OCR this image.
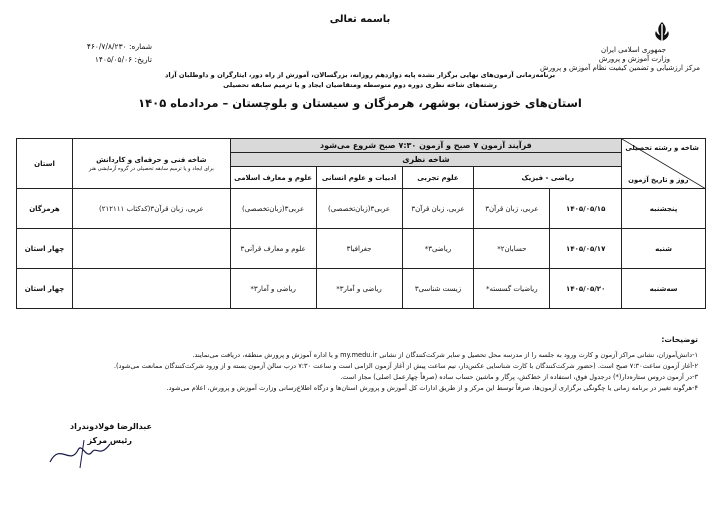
باسمه تعالی
جمهوری اسلامی ایران
وزارت آموزش و پرورش
مرکز ارزشیابی و تضمین کیفیت نظام آموزش و پرورش
شماره: ۴۶۰/۷/۸/۲۳۰
تاریخ: ۱۴۰۵/۰۵/۰۶
برنامه‌زمانی آزمون‌های نهایی برگزار نشده پایه دوازدهم روزانه، بزرگسالان، آموزش از راه دور، ایثارگران و داوطلبان آزاد
رشته‌های شاخه نظری دوره دوم متوسطه ومتقاضیان ایجاد و یا ترمیم سابقه تحصیلی
استان‌های خوزستان، بوشهر، هرمزگان و سیستان و بلوچستان – مردادماه ۱۴۰۵
شاخه و رشته تحصیلی
روز و تاریخ آزمون	فرآیند آزمون ۷ صبح و آزمون ۷:۳۰ صبح شروع می‌شود					شاخه فنی و حرفه‌ای و کاردانش
برای ایجاد و یا ترمیم سابقه تحصیلی در گروه آزمایشی هنر	استان
	شاخه نظری						
	ریاضی - فیزیک		علوم تجربی	ادبیات و علوم انسانی	علوم و معارف اسلامی		
پنجشنبه	۱۴۰۵/۰۵/۱۵	عربی، زبان قرآن۳	عربی، زبان قرآن۳	عربی۳(زبان‌تخصصی)	عربی۳(زبان‌تخصصی)	عربی، زبان قرآن۳(کدکتاب ۲۱۲۱۱۱)	هرمزگان
شنبه	۱۴۰۵/۰۵/۱۷	حسابان۲*	ریاضی۳*	جغرافیا۳	علوم و معارف قرآنی۳		چهار استان
سه‌شنبه	۱۴۰۵/۰۵/۲۰	ریاضیات گسسته*	زیست شناسی۳	ریاضی و آمار۳*	ریاضی و آمار۳*		چهار استان
توضیحات:
۱-دانش‌آموزان، نشانی مراکز آزمون و کارت ورود به جلسه را از مدرسه محل تحصیل و سایر شرکت‌کنندگان از نشانی my.medu.ir و یا اداره آموزش و پرورش منطقه، دریافت می‌نمایند.
۲-آغاز آزمون ساعت۷:۳۰ صبح است. (حضور شرکت‌کنندگان با کارت شناسایی عکس‌دار، نیم ساعت پیش از آغاز آزمون الزامی است و ساعت ۷:۳۰ درب سالن آزمون بسته و از ورود شرکت‌کنندگان ممانعت می‌شود).
۳-در آزمون دروس ستاره‌دار(*) درجدول فوق، استفاده از خط‌کش، پرگار و ماشین حساب ساده (صرفاً چهارعمل اصلی) مجاز است.
۴-هرگونه تغییر در برنامه زمانی یا چگونگی برگزاری آزمون‌ها، صرفاً توسط این مرکز و از طریق ادارات کل آموزش و پرورش استان‌ها و درگاه اطلاع‌رسانی وزارت آموزش و پرورش، اعلام می‌شود.
عبدالرضا فولادوندراد
رئیس مرکز
